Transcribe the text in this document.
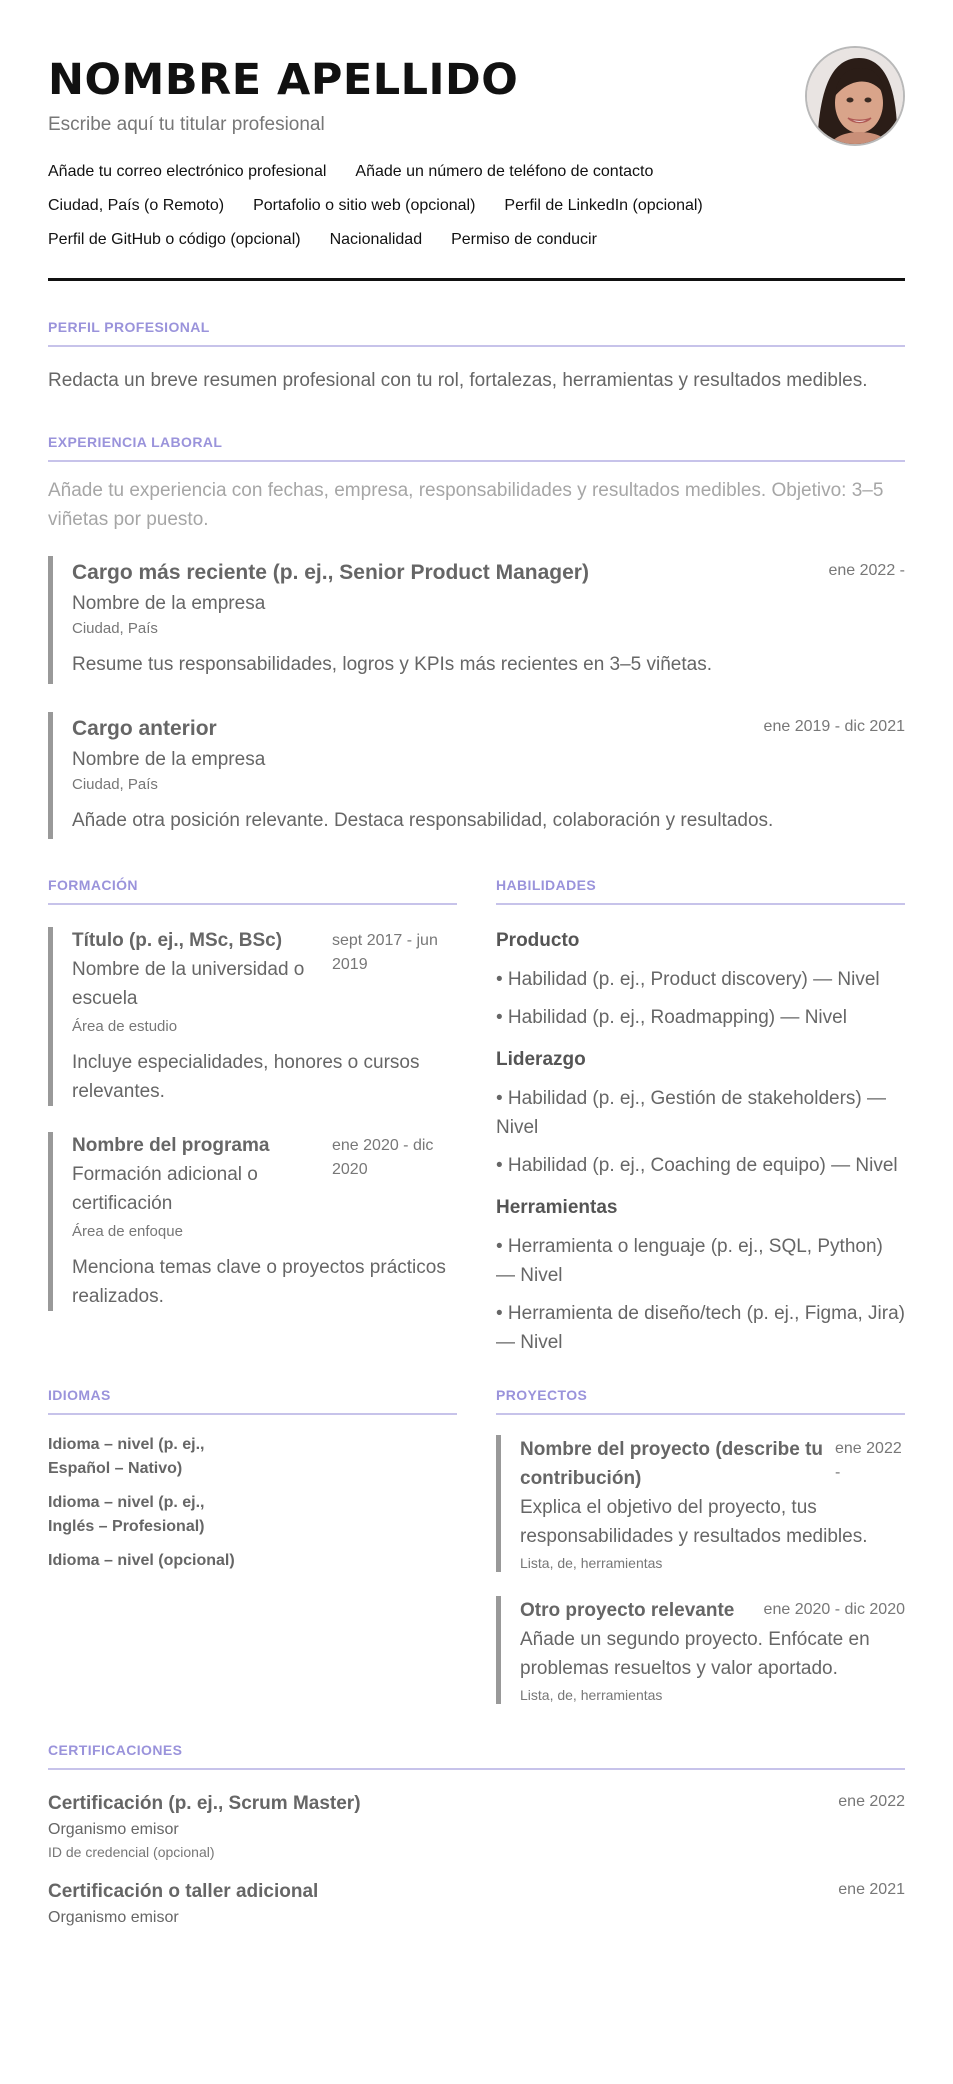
NOMBRE APELLIDO
Escribe aquí tu titular profesional
Añade tu correo electrónico profesional Añade un número de teléfono de contacto
Ciudad, País (o Remoto) Portafolio o sitio web (opcional) Perfil de LinkedIn (opcional)
Perfil de GitHub o código (opcional) Nacionalidad Permiso de conducir
PERFIL PROFESIONAL
Redacta un breve resumen profesional con tu rol, fortalezas, herramientas y resultados medibles.
EXPERIENCIA LABORAL
Añade tu experiencia con fechas, empresa, responsabilidades y resultados medibles. Objetivo: 3–5 viñetas por puesto.
Cargo más reciente (p. ej., Senior Product Manager)	ene 2022 -
Nombre de la empresa
Ciudad, País
Resume tus responsabilidades, logros y KPIs más recientes en 3–5 viñetas.
Cargo anterior	ene 2019 - dic 2021
Nombre de la empresa
Ciudad, País
Añade otra posición relevante. Destaca responsabilidad, colaboración y resultados.
FORMACIÓN
Título (p. ej., MSc, BSc)	sept 2017 - jun 2019
Nombre de la universidad o escuela
Área de estudio
Incluye especialidades, honores o cursos relevantes.
Nombre del programa	ene 2020 - dic 2020
Formación adicional o certificación
Área de enfoque
Menciona temas clave o proyectos prácticos realizados.
HABILIDADES
Producto
• Habilidad (p. ej., Product discovery) — Nivel
• Habilidad (p. ej., Roadmapping) — Nivel
Liderazgo
• Habilidad (p. ej., Gestión de stakeholders) — Nivel
• Habilidad (p. ej., Coaching de equipo) — Nivel
Herramientas
• Herramienta o lenguaje (p. ej., SQL, Python) — Nivel
• Herramienta de diseño/tech (p. ej., Figma, Jira) — Nivel
IDIOMAS
Idioma – nivel (p. ej., Español – Nativo)
Idioma – nivel (p. ej., Inglés – Profesional)
Idioma – nivel (opcional)
PROYECTOS
Nombre del proyecto (describe tu contribución)
ene 2022 -
Explica el objetivo del proyecto, tus responsabilidades y resultados medibles.
Lista, de, herramientas
Otro proyecto relevante	ene 2020 - dic 2020
Añade un segundo proyecto. Enfócate en problemas resueltos y valor aportado.
Lista, de, herramientas
CERTIFICACIONES
Certificación (p. ej., Scrum Master)	ene 2022
Organismo emisor
ID de credencial (opcional)
Certificación o taller adicional	ene 2021
Organismo emisor
